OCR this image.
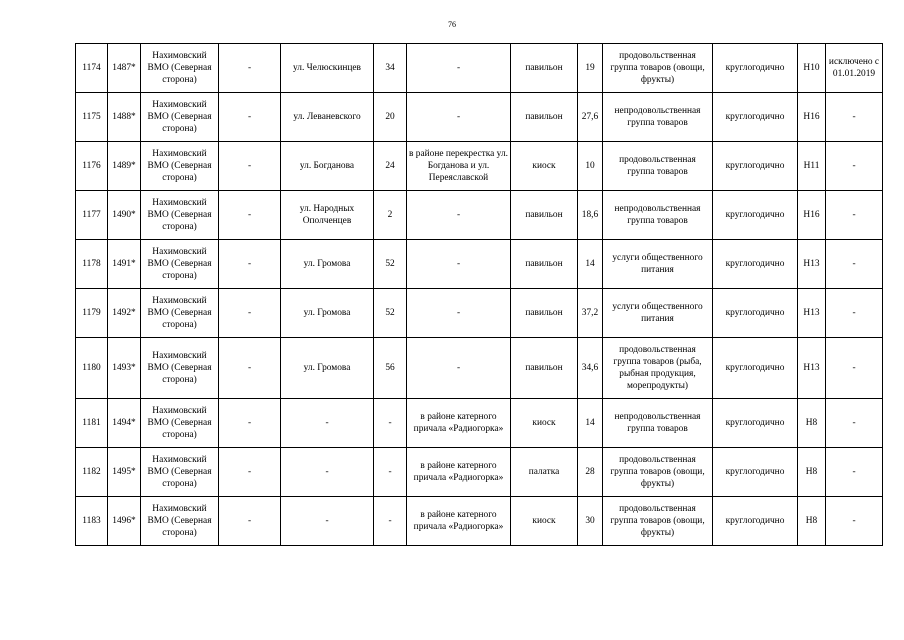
76
1174	1487*	Нахимовский ВМО (Северная сторона)	-	ул. Челюскинцев	34	-	павильон	19	продовольственная группа товаров (овощи, фрукты)	круглогодично	Н10	исключено с 01.01.2019
1175	1488*	Нахимовский ВМО (Северная сторона)	-	ул. Леваневского	20	-	павильон	27,6	непродовольственная группа товаров	круглогодично	Н16	-
1176	1489*	Нахимовский ВМО (Северная сторона)	-	ул. Богданова	24	в районе перекрестка ул. Богданова и ул. Переяславской	киоск	10	продовольственная группа товаров	круглогодично	Н11	-
1177	1490*	Нахимовский ВМО (Северная сторона)	-	ул. Народных Ополченцев	2	-	павильон	18,6	непродовольственная группа товаров	круглогодично	Н16	-
1178	1491*	Нахимовский ВМО (Северная сторона)	-	ул. Громова	52	-	павильон	14	услуги общественного питания	круглогодично	Н13	-
1179	1492*	Нахимовский ВМО (Северная сторона)	-	ул. Громова	52	-	павильон	37,2	услуги общественного питания	круглогодично	Н13	-
1180	1493*	Нахимовский ВМО (Северная сторона)	-	ул. Громова	56	-	павильон	34,6	продовольственная группа товаров (рыба, рыбная продукция, морепродукты)	круглогодично	Н13	-
1181	1494*	Нахимовский ВМО (Северная сторона)	-	-	-	в районе катерного причала «Радиогорка»	киоск	14	непродовольственная группа товаров	круглогодично	Н8	-
1182	1495*	Нахимовский ВМО (Северная сторона)	-	-	-	в районе катерного причала «Радиогорка»	палатка	28	продовольственная группа товаров (овощи, фрукты)	круглогодично	Н8	-
1183	1496*	Нахимовский ВМО (Северная сторона)	-	-	-	в районе катерного причала «Радиогорка»	киоск	30	продовольственная группа товаров (овощи, фрукты)	круглогодично	Н8	-
